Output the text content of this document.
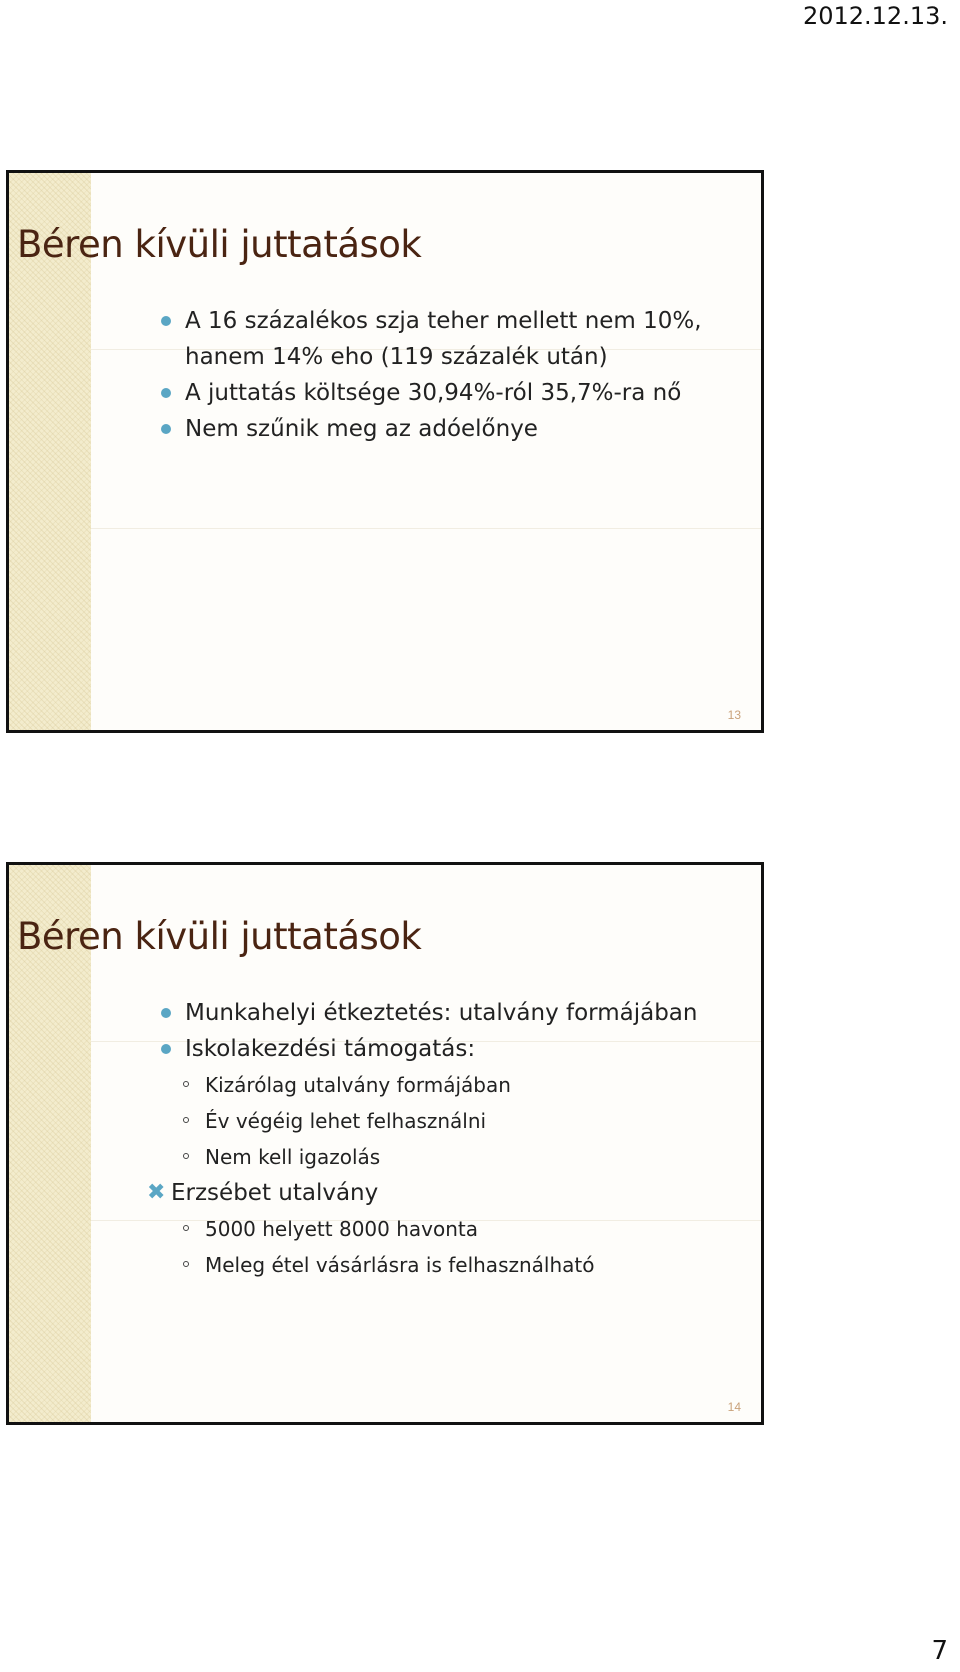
2012.12.13.
Béren kívüli juttatások
A 16 százalékos szja teher mellett nem 10%,
hanem 14% eho (119 százalék után)
A juttatás költsége 30,94%-ról 35,7%-ra nő
Nem szűnik meg az adóelőnye
13
Béren kívüli juttatások
Munkahelyi étkeztetés: utalvány formájában
Iskolakezdési támogatás:
Kizárólag utalvány formájában
Év végéig lehet felhasználni
Nem kell igazolás
✖ Erzsébet utalvány
5000 helyett 8000 havonta
Meleg étel vásárlásra is felhasználható
14
7
